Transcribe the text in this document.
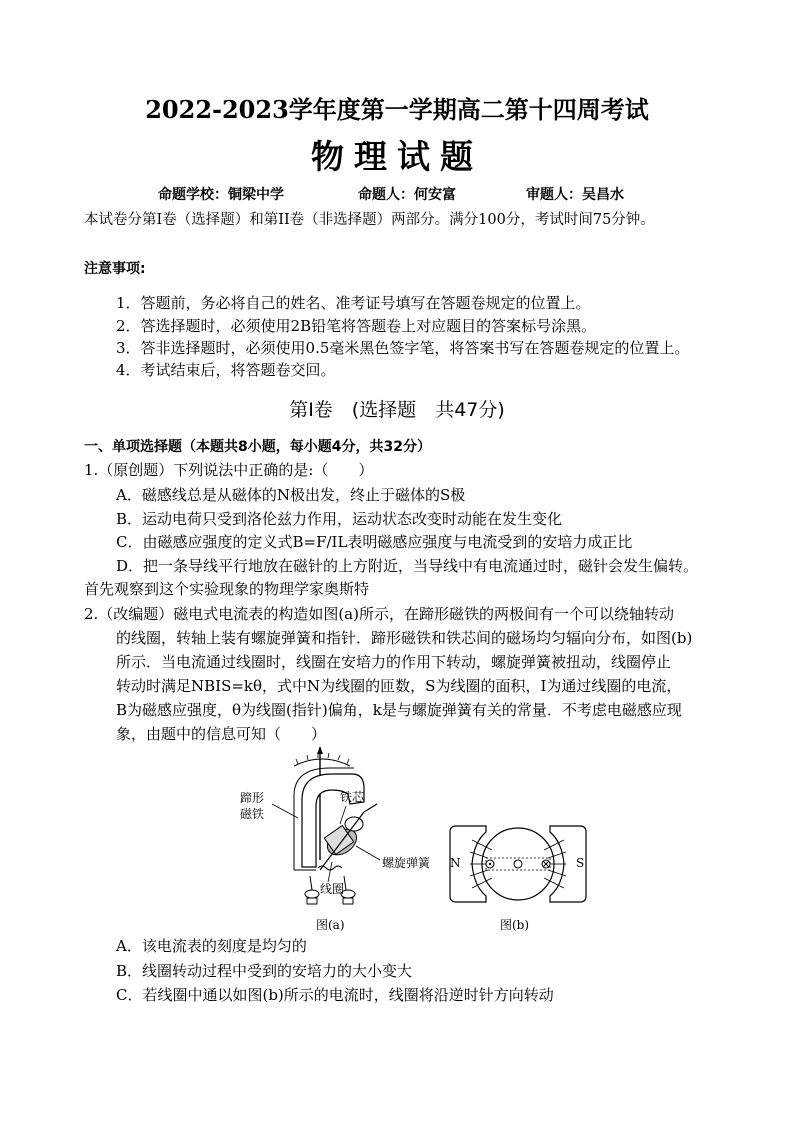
2022-2023学年度第一学期高二第十四周考试
物理试题
命题学校：铜梁中学	命题人：何安富	审题人：吴昌水
本试卷分第I卷（选择题）和第II卷（非选择题）两部分。满分100分，考试时间75分钟。
注意事项:
1．答题前，务必将自己的姓名、准考证号填写在答题卷规定的位置上。
2．答选择题时，必须使用2B铅笔将答题卷上对应题目的答案标号涂黑。
3．答非选择题时，必须使用0.5毫米黑色签字笔，将答案书写在答题卷规定的位置上。
4．考试结束后，将答题卷交回。
第I卷　(选择题　共47分)
一、单项选择题（本题共8小题，每小题4分，共32分）
1.（原创题）下列说法中正确的是:（　　）
A．磁感线总是从磁体的N极出发，终止于磁体的S极
B．运动电荷只受到洛伦兹力作用，运动状态改变时动能在发生变化
C．由磁感应强度的定义式B=F/IL表明磁感应强度与电流受到的安培力成正比
D．把一条导线平行地放在磁针的上方附近，当导线中有电流通过时，磁针会发生偏转。
首先观察到这个实验现象的物理学家奥斯特
2.（改编题）磁电式电流表的构造如图(a)所示，在蹄形磁铁的两极间有一个可以绕轴转动
的线圈，转轴上装有螺旋弹簧和指针．蹄形磁铁和铁芯间的磁场均匀辐向分布，如图(b)
所示．当电流通过线圈时，线圈在安培力的作用下转动，螺旋弹簧被扭动，线圈停止
转动时满足NBIS=kθ，式中N为线圈的匝数，S为线圈的面积，I为通过线圈的电流，
B为磁感应强度，θ为线圈(指针)偏角，k是与螺旋弹簧有关的常量．不考虑电磁感应现
象，由题中的信息可知（　　）
蹄形磁铁
铁芯
螺旋弹簧
线圈
图(a)
N	S
图(b)
A．该电流表的刻度是均匀的
B．线圈转动过程中受到的安培力的大小变大
C．若线圈中通以如图(b)所示的电流时，线圈将沿逆时针方向转动
